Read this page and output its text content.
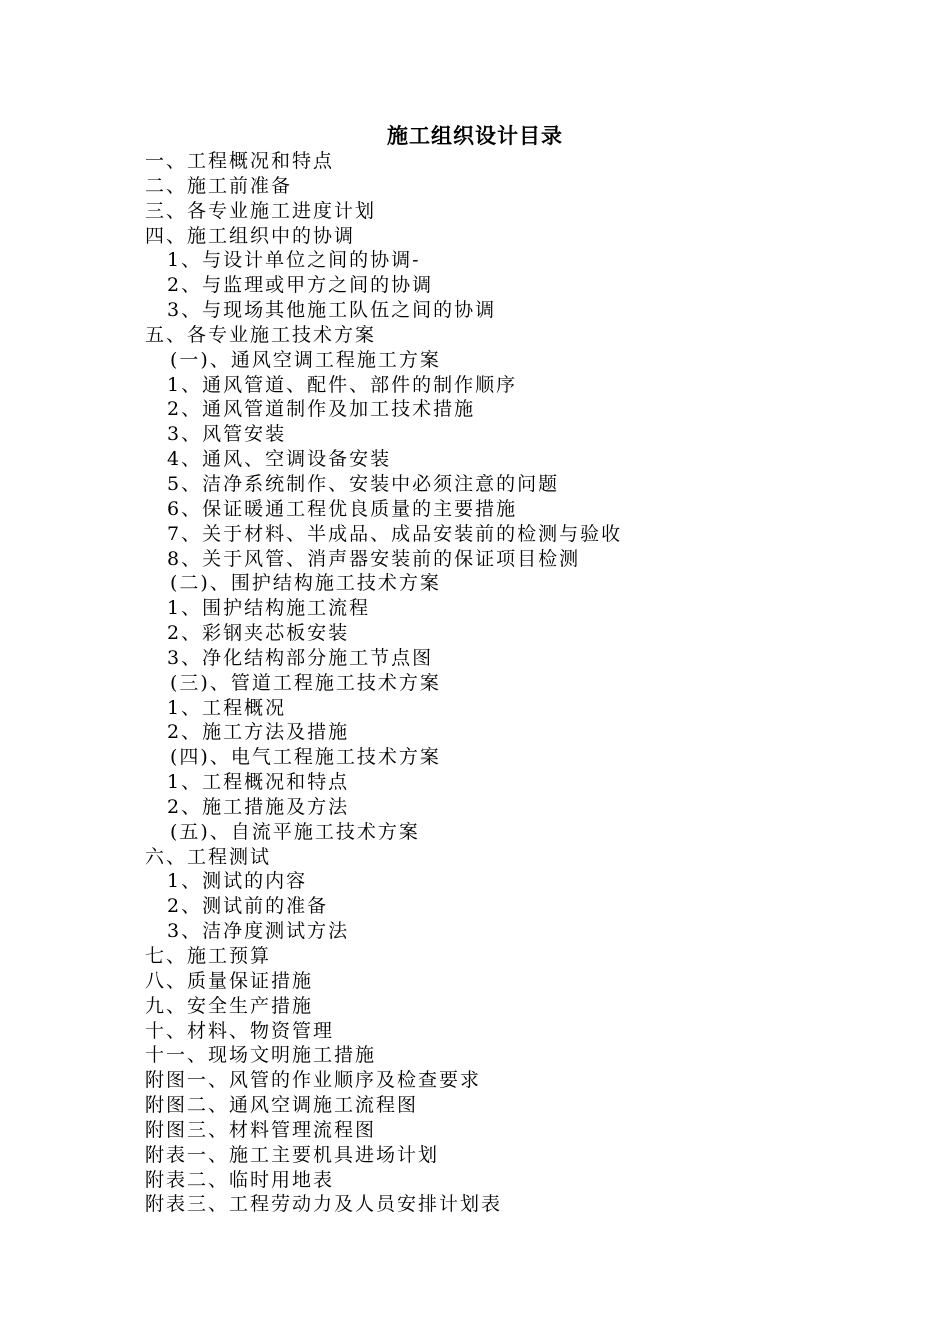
施工组织设计目录
一、工程概况和特点
二、施工前准备
三、各专业施工进度计划
四、施工组织中的协调
1、与设计单位之间的协调-
2、与监理或甲方之间的协调
3、与现场其他施工队伍之间的协调
五、各专业施工技术方案
(一)、通风空调工程施工方案
1、通风管道、配件、部件的制作顺序
2、通风管道制作及加工技术措施
3、风管安装
4、通风、空调设备安装
5、洁净系统制作、安装中必须注意的问题
6、保证暖通工程优良质量的主要措施
7、关于材料、半成品、成品安装前的检测与验收
8、关于风管、消声器安装前的保证项目检测
(二)、围护结构施工技术方案
1、围护结构施工流程
2、彩钢夹芯板安装
3、净化结构部分施工节点图
(三)、管道工程施工技术方案
1、工程概况
2、施工方法及措施
(四)、电气工程施工技术方案
1、工程概况和特点
2、施工措施及方法
(五)、自流平施工技术方案
六、工程测试
1、测试的内容
2、测试前的准备
3、洁净度测试方法
七、施工预算
八、质量保证措施
九、安全生产措施
十、材料、物资管理
十一、现场文明施工措施
附图一、风管的作业顺序及检查要求
附图二、通风空调施工流程图
附图三、材料管理流程图
附表一、施工主要机具进场计划
附表二、临时用地表
附表三、工程劳动力及人员安排计划表
